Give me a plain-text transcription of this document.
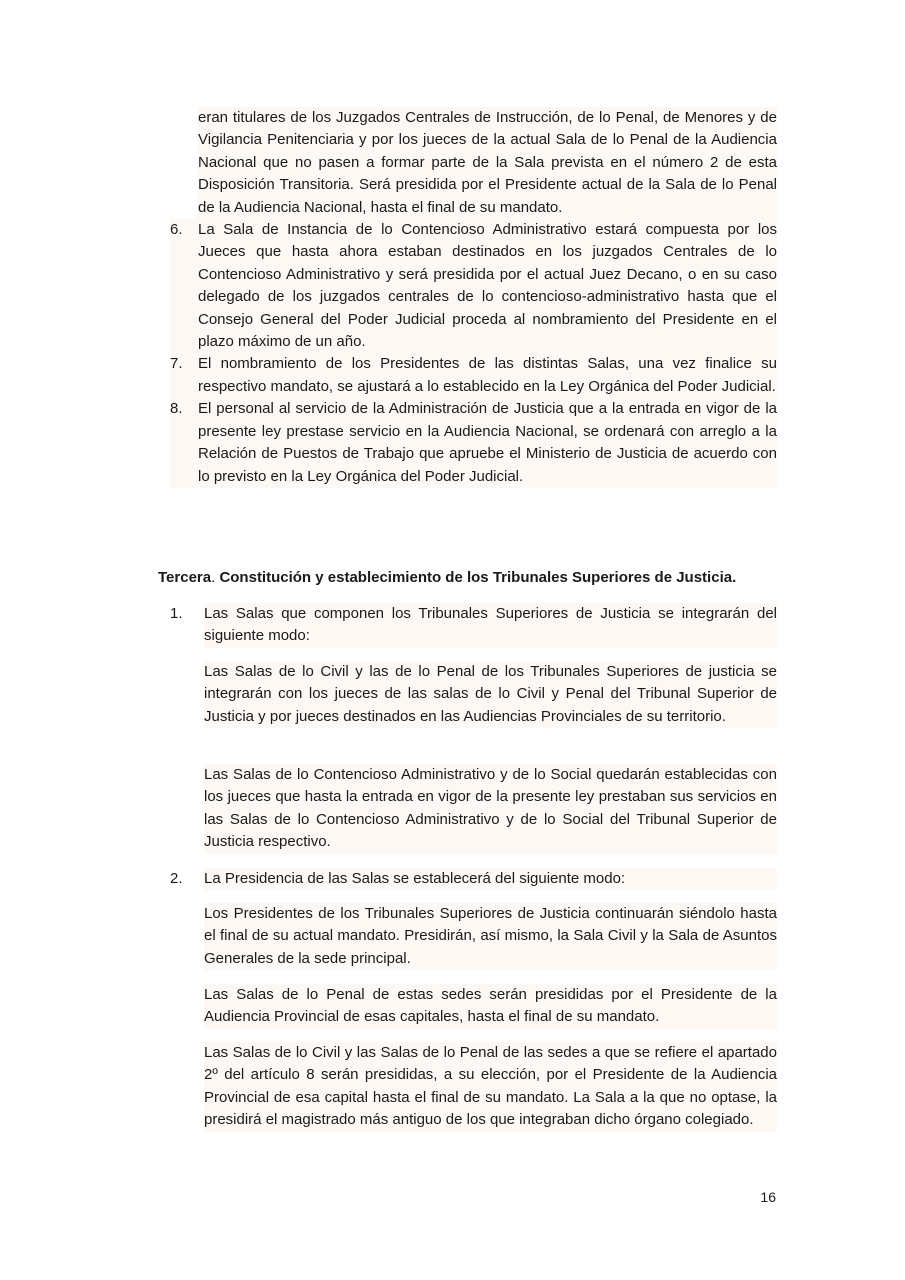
eran titulares de los Juzgados Centrales de Instrucción, de lo Penal, de Menores y de Vigilancia Penitenciaria y por los jueces de la actual Sala de lo Penal de la Audiencia Nacional que no pasen a formar parte de la Sala prevista en el número 2 de esta Disposición Transitoria. Será presidida por el Presidente actual de la Sala de lo Penal de la Audiencia Nacional, hasta el final de su mandato.
6.	La Sala de Instancia de lo Contencioso Administrativo estará compuesta por los Jueces que hasta ahora estaban destinados en los juzgados Centrales de lo Contencioso Administrativo y será presidida por el actual Juez Decano, o en su caso delegado de los juzgados centrales de lo contencioso-administrativo hasta que el Consejo General del Poder Judicial proceda al nombramiento del Presidente en el plazo máximo de un año.
7.	El nombramiento de los Presidentes de las distintas Salas, una vez finalice su respectivo mandato, se ajustará a lo establecido en la Ley Orgánica del Poder Judicial.
8.	El personal al servicio de la Administración de Justicia que a la entrada en vigor de la presente ley prestase servicio en la Audiencia Nacional, se ordenará con arreglo a la Relación de Puestos de Trabajo que apruebe el Ministerio de Justicia de acuerdo con lo previsto en la Ley Orgánica del Poder Judicial.
Tercera. Constitución y establecimiento de los Tribunales Superiores de Justicia.
1.	Las Salas que componen los Tribunales Superiores de Justicia se integrarán del siguiente modo:
Las Salas de lo Civil y las de lo Penal de los Tribunales Superiores de justicia se integrarán con los jueces de las salas de lo Civil y Penal del Tribunal Superior de Justicia y por jueces destinados en las Audiencias Provinciales de su territorio.
Las Salas de lo Contencioso Administrativo y de lo Social quedarán establecidas con los jueces que hasta la entrada en vigor de la presente ley prestaban sus servicios en las Salas de lo Contencioso Administrativo y de lo Social del Tribunal Superior de Justicia respectivo.
2.	La Presidencia de las Salas se establecerá del siguiente modo:
Los Presidentes de los Tribunales Superiores de Justicia continuarán siéndolo hasta el final de su actual mandato. Presidirán, así mismo, la Sala Civil y la Sala de Asuntos Generales de la sede principal.
Las Salas de lo Penal de estas sedes serán presididas por el Presidente de la Audiencia Provincial de esas capitales, hasta el final de su mandato.
Las Salas de lo Civil y las Salas de lo Penal de las sedes a que se refiere el apartado 2º del artículo 8 serán presididas, a su elección, por el Presidente de la Audiencia Provincial de esa capital hasta el final de su mandato. La Sala a la que no optase, la presidirá el magistrado más antiguo de los que integraban dicho órgano colegiado.
16
